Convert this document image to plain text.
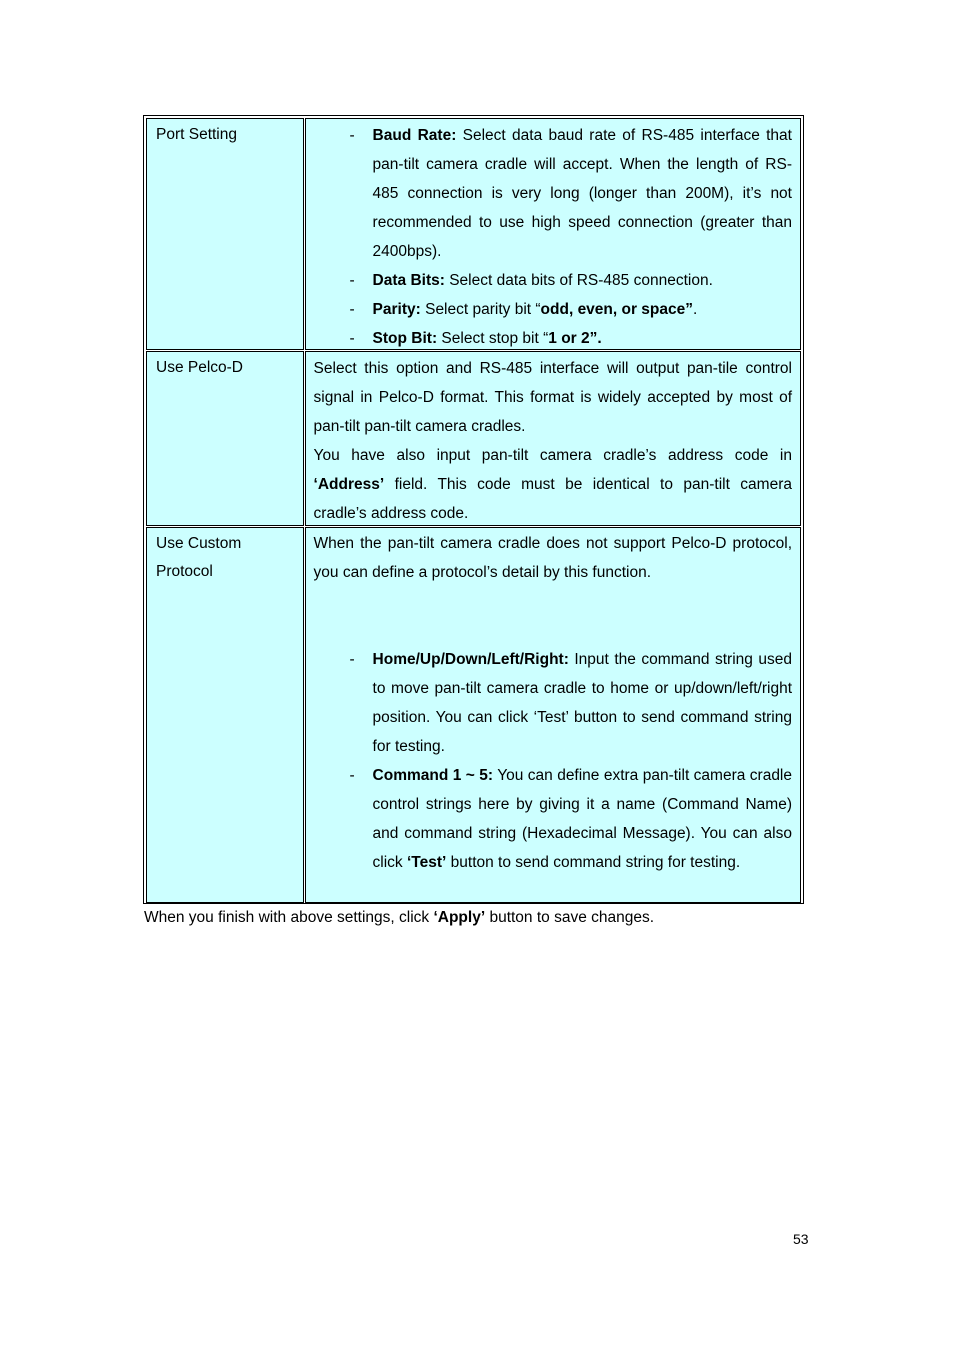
Port Setting	- Baud Rate: Select data baud rate of RS-485 interface that pan-tilt camera cradle will accept. When the length of RS-485 connection is very long (longer than 200M), it’s not recommended to use high speed connection (greater than 2400bps).
- Data Bits: Select data bits of RS-485 connection.
- Parity: Select parity bit “odd, even, or space”.
- Stop Bit: Select stop bit “1 or 2”.
Use Pelco-D	Select this option and RS-485 interface will output pan-tile control signal in Pelco-D format. This format is widely accepted by most of pan-tilt pan-tilt camera cradles.
You have also input pan-tilt camera cradle’s address code in ‘Address’ field. This code must be identical to pan-tilt camera cradle’s address code.
Use Custom
Protocol
When the pan-tilt camera cradle does not support Pelco-D protocol, you can define a protocol’s detail by this function.
- Home/Up/Down/Left/Right: Input the command string used to move pan-tilt camera cradle to home or up/down/left/right position. You can click ‘Test’ button to send command string for testing.
- Command 1 ~ 5: You can define extra pan-tilt camera cradle control strings here by giving it a name (Command Name) and command string (Hexadecimal Message). You can also click ‘Test’ button to send command string for testing.
When you finish with above settings, click ‘Apply’ button to save changes.
53
